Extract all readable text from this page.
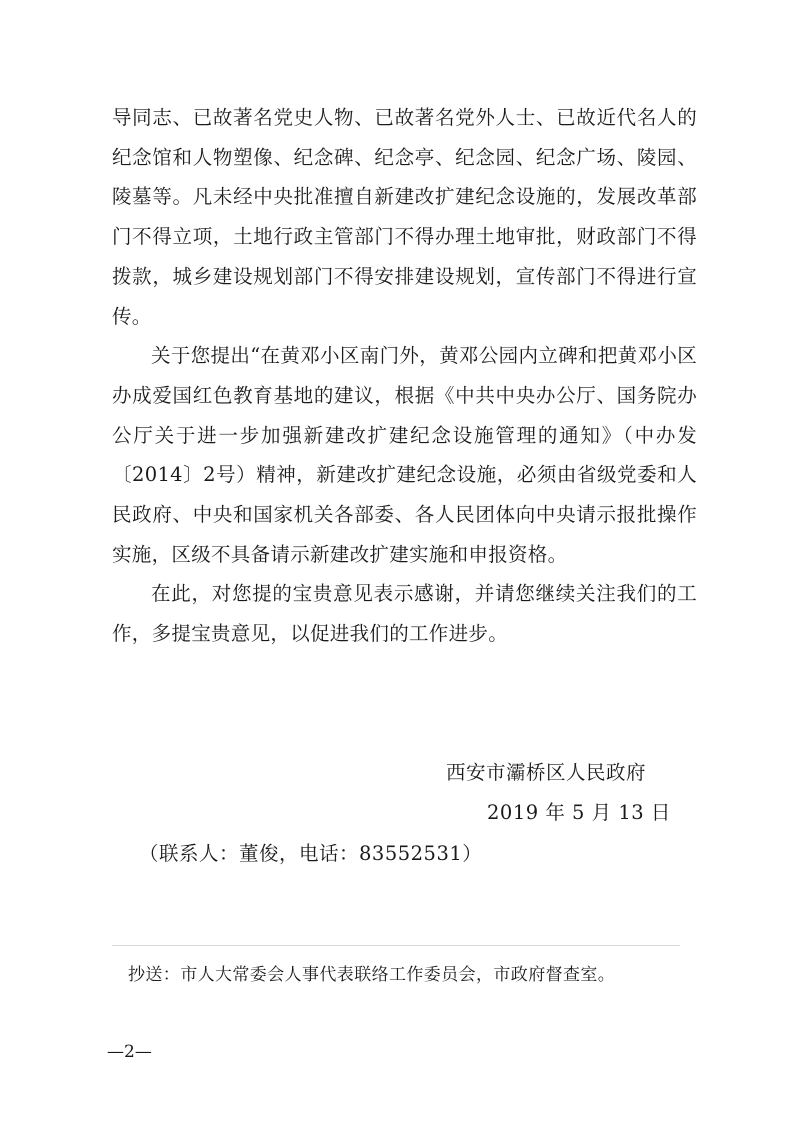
导同志、已故著名党史人物、已故著名党外人士、已故近代名人的纪念馆和人物塑像、纪念碑、纪念亭、纪念园、纪念广场、陵园、陵墓等。凡未经中央批准擅自新建改扩建纪念设施的，发展改革部门不得立项，土地行政主管部门不得办理土地审批，财政部门不得拨款，城乡建设规划部门不得安排建设规划，宣传部门不得进行宣传。

关于您提出“在黄邓小区南门外，黄邓公园内立碑和把黄邓小区办成爱国红色教育基地的建议，根据《中共中央办公厅、国务院办公厅关于进一步加强新建改扩建纪念设施管理的通知》（中办发〔2014〕2号）精神，新建改扩建纪念设施，必须由省级党委和人民政府、中央和国家机关各部委、各人民团体向中央请示报批操作实施，区级不具备请示新建改扩建实施和申报资格。

在此，对您提的宝贵意见表示感谢，并请您继续关注我们的工作，多提宝贵意见，以促进我们的工作进步。

西安市灞桥区人民政府
2019 年 5 月 13 日
（联系人：董俊，电话：83552531）
抄送：市人大常委会人事代表联络工作委员会，市政府督查室。
—2—
